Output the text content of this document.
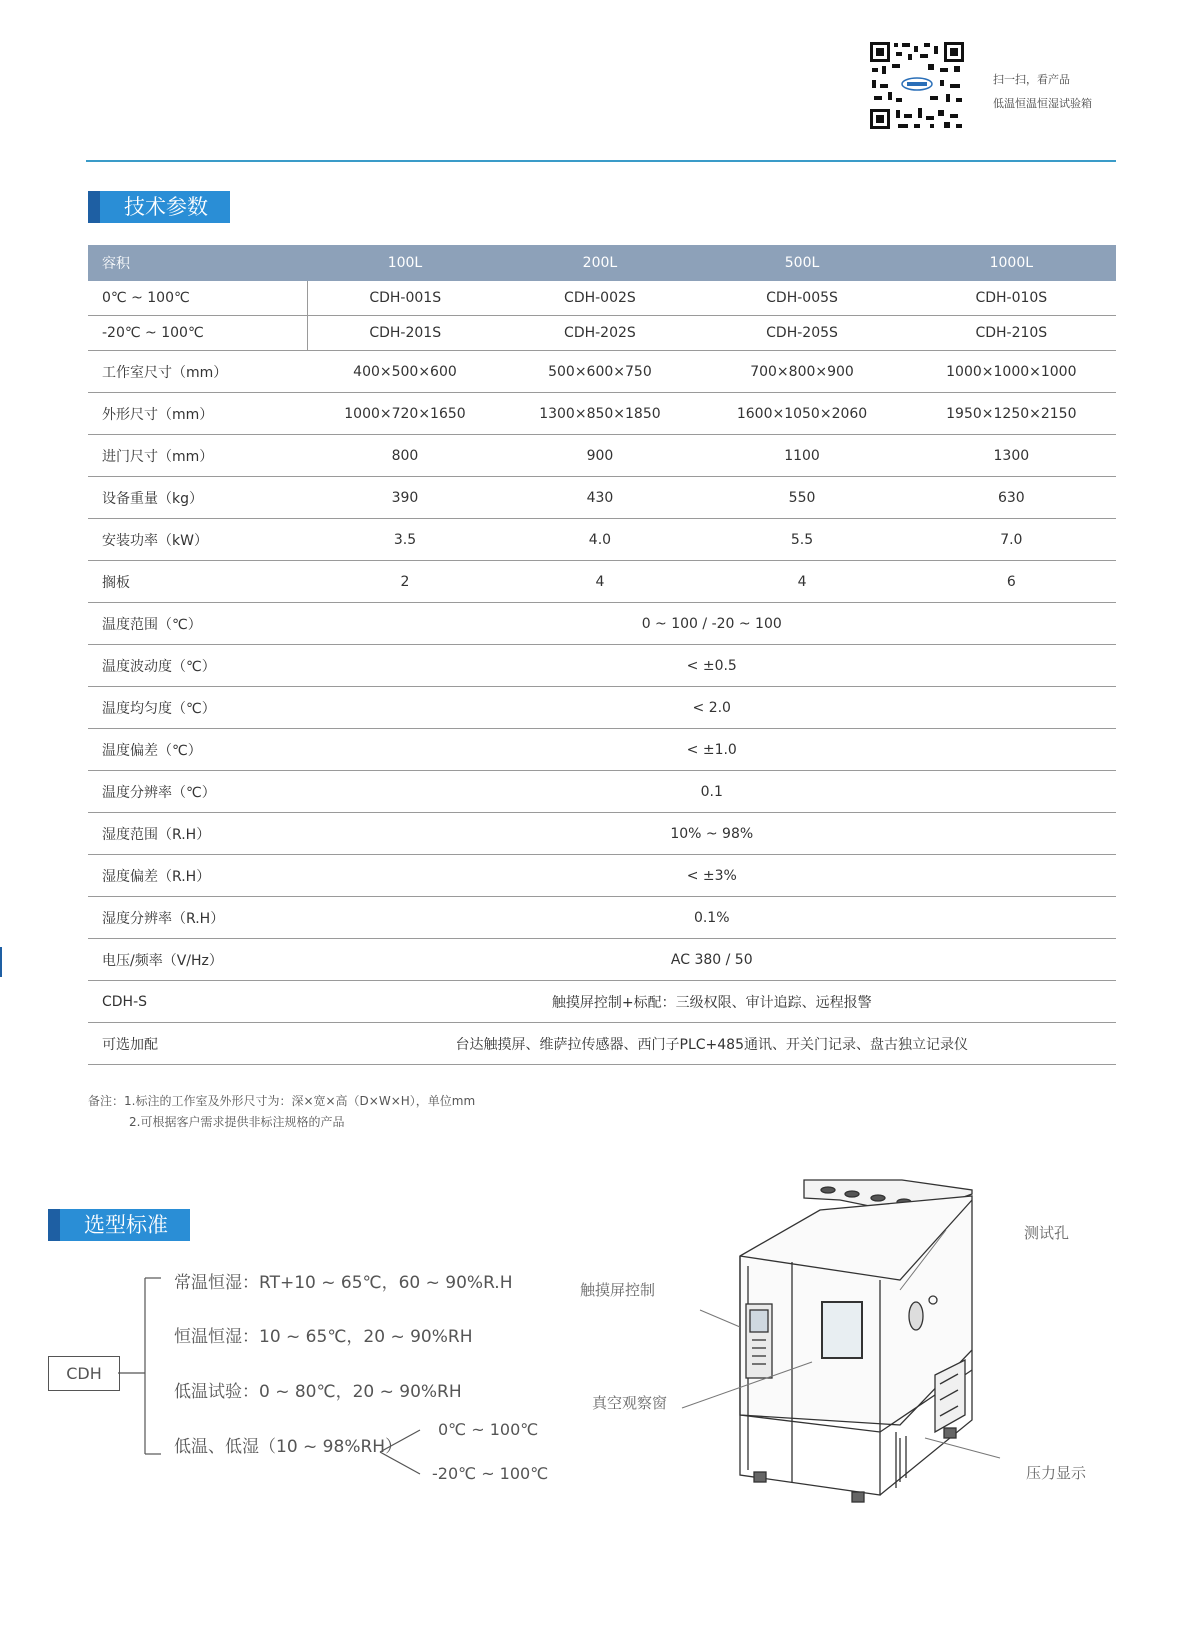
扫一扫，看产品
低温恒温恒湿试验箱
技术参数
容积	100L	200L	500L	1000L
0℃ ~ 100℃	CDH-001S	CDH-002S	CDH-005S	CDH-010S
-20℃ ~ 100℃	CDH-201S	CDH-202S	CDH-205S	CDH-210S
工作室尺寸（mm）	400×500×600	500×600×750	700×800×900	1000×1000×1000
外形尺寸（mm）	1000×720×1650	1300×850×1850	1600×1050×2060	1950×1250×2150
进门尺寸（mm）	800	900	1100	1300
设备重量（kg）	390	430	550	630
安装功率（kW）	3.5	4.0	5.5	7.0
搁板	2	4	4	6
温度范围（℃）	0 ~ 100 / -20 ~ 100			
温度波动度（℃）	< ±0.5			
温度均匀度（℃）	< 2.0			
温度偏差（℃）	< ±1.0			
温度分辨率（℃）	0.1			
湿度范围（R.H）	10% ~ 98%			
湿度偏差（R.H）	< ±3%			
湿度分辨率（R.H）	0.1%			
电压/频率（V/Hz）	AC 380 / 50			
CDH-S	触摸屏控制+标配：三级权限、审计追踪、远程报警			
可选加配	台达触摸屏、维萨拉传感器、西门子PLC+485通讯、开关门记录、盘古独立记录仪			
备注：1.标注的工作室及外形尺寸为：深×宽×高（D×W×H），单位mm
2.可根据客户需求提供非标注规格的产品
选型标准
CDH
常温恒湿：RT+10 ~ 65℃，60 ~ 90%R.H
恒温恒湿：10 ~ 65℃，20 ~ 90%RH
低温试验：0 ~ 80℃，20 ~ 90%RH
低温、低湿（10 ~ 98%RH）
0℃ ~ 100℃
-20℃ ~ 100℃
测试孔
触摸屏控制
真空观察窗
压力显示
